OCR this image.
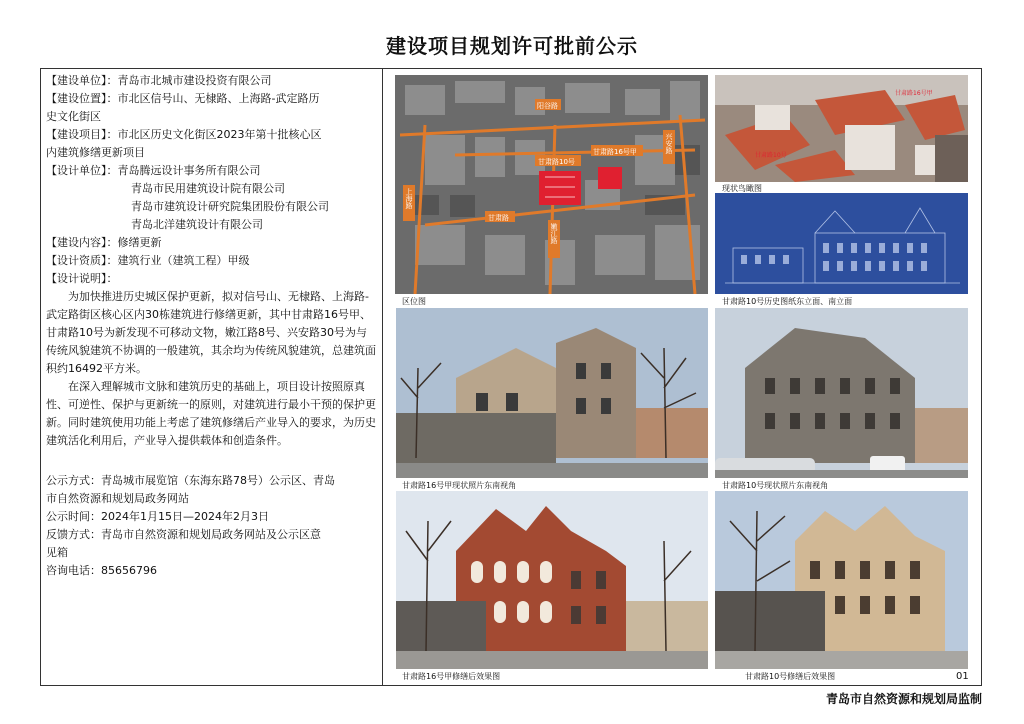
建设项目规划许可批前公示
【建设单位】：青岛市北城市建设投资有限公司
【建设位置】：市北区信号山、无棣路、上海路-武定路历
史文化街区
【建设项目】：市北区历史文化街区2023年第十批核心区
内建筑修缮更新项目
【设计单位】：青岛腾远设计事务所有限公司
青岛市民用建筑设计院有限公司
青岛市建筑设计研究院集团股份有限公司
青岛北洋建筑设计有限公司
【建设内容】：修缮更新
【设计资质】：建筑行业（建筑工程）甲级
【设计说明】：

为加快推进历史城区保护更新，拟对信号山、无棣路、上海路-武定路街区核心区内30栋建筑进行修缮更新，其中甘肃路16号甲、甘肃路10号为新发现不可移动文物，嫩江路8号、兴安路30号为与传统风貌建筑不协调的一般建筑，其余均为传统风貌建筑，总建筑面积约16492平方米。

在深入理解城市文脉和建筑历史的基础上，项目设计按照原真性、可逆性、保护与更新统一的原则，对建筑进行最小干预的保护更新。同时建筑使用功能上考虑了建筑修缮后产业导入的要求，为历史建筑活化利用后，产业导入提供载体和创造条件。

公示方式：青岛城市展览馆（东海东路78号）公示区、青岛
市自然资源和规划局政务网站
公示时间：2024年1月15日—2024年2月3日
反馈方式：青岛市自然资源和规划局政务网站及公示区意
见箱
咨询电话：85656796
阳谷路
甘肃路10号
甘肃路16号甲
甘肃路
兴安路
上海路
嫩江路
区位图
甘肃路16号甲
甘肃路10号
现状鸟瞰图
甘肃路10号历史图纸东立面、南立面
甘肃路16号甲现状照片东南视角	甘肃路10号现状照片东南视角
甘肃路16号甲修缮后效果图	甘肃路10号修缮后效果图	01
青岛市自然资源和规划局监制
